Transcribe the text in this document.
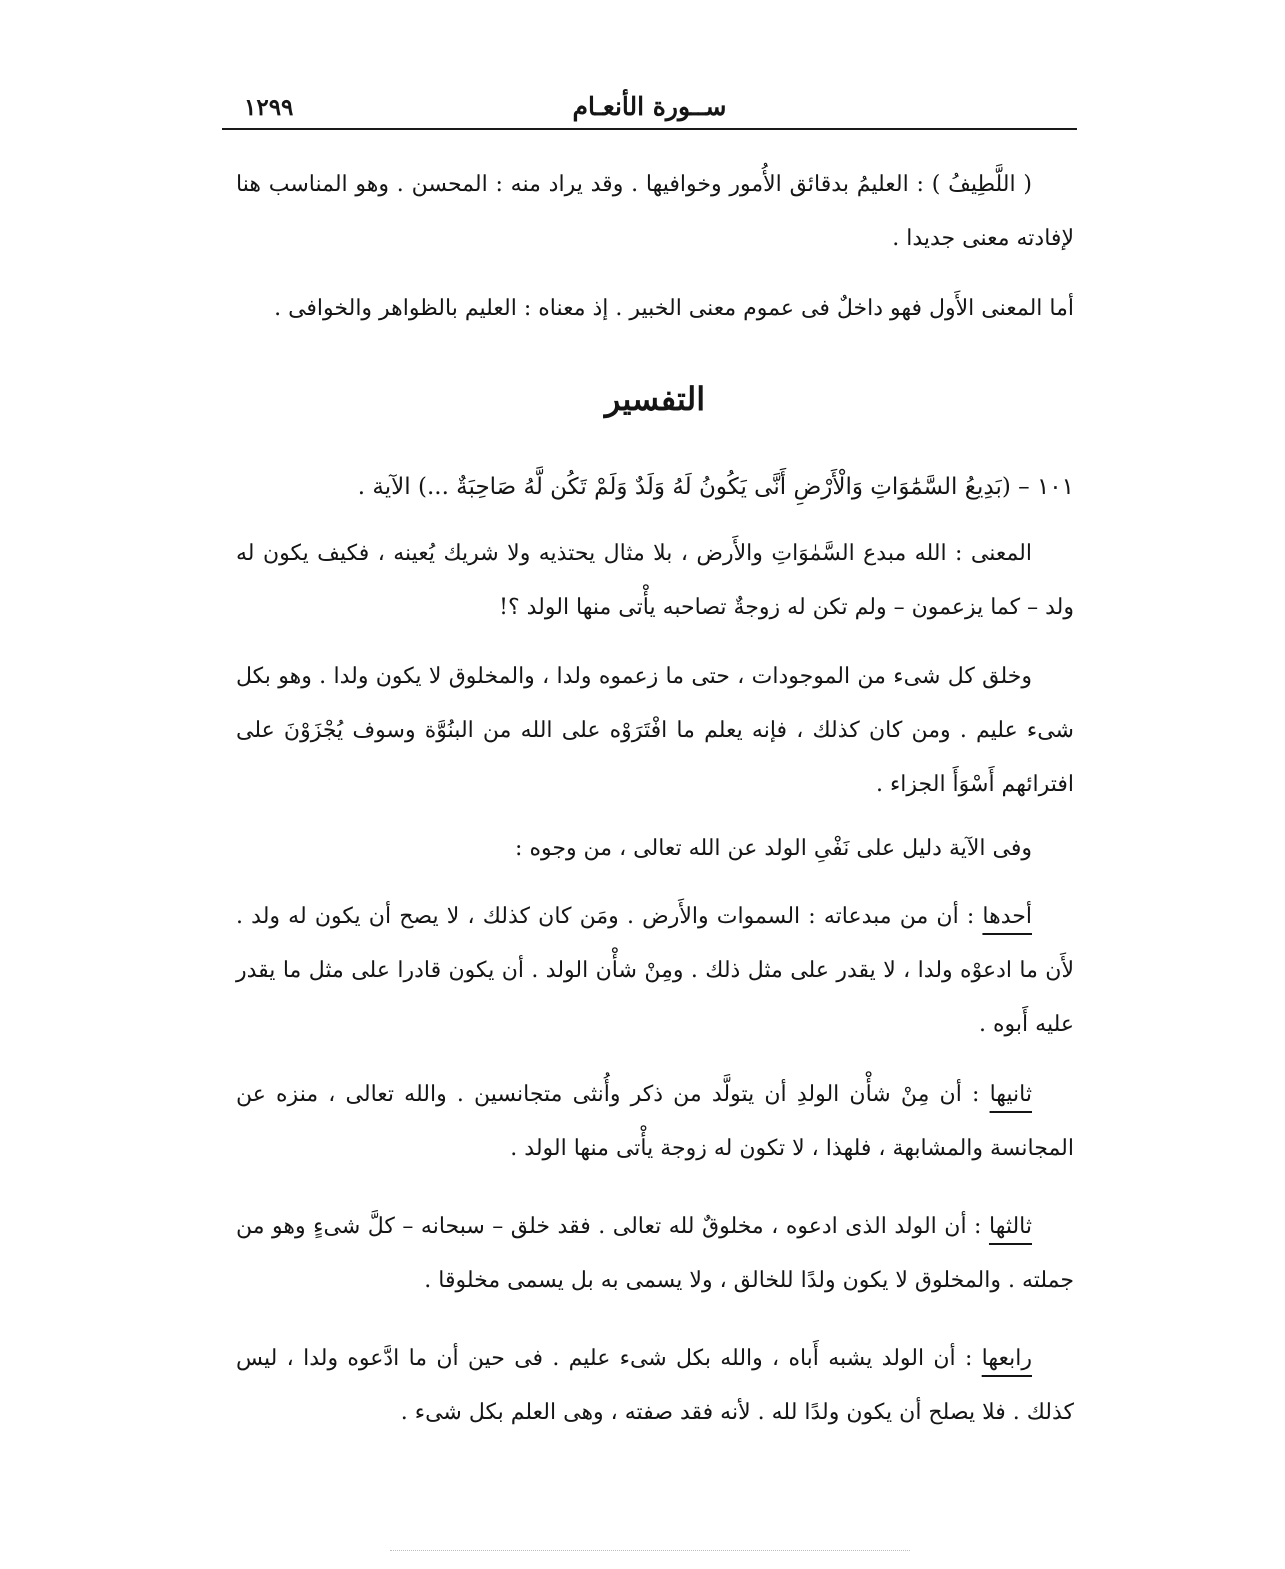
ســورة الأنعـام
١٢٩٩
( اللَّطِيفُ ) : العليمُ بدقائق الأُمور وخوافيها . وقد يراد منه : المحسن . وهو المناسب هنا لإفادته معنى جديدا .
أما المعنى الأَول فهو داخلٌ فى عموم معنى الخبير . إذ معناه : العليم بالظواهر والخوافى .
التفسير
١٠١ – (بَدِيعُ السَّمَٰوَاتِ وَالْأَرْضِ أَنَّى يَكُونُ لَهُ وَلَدٌ وَلَمْ تَكُن لَّهُ صَاحِبَةٌ ...) الآية .
المعنى : الله مبدع السَّمٰوَاتِ والأَرض ، بلا مثال يحتذيه ولا شريك يُعينه ، فكيف يكون له ولد – كما يزعمون – ولم تكن له زوجةٌ تصاحبه يأْتى منها الولد ؟!
وخلق كل شىء من الموجودات ، حتى ما زعموه ولدا ، والمخلوق لا يكون ولدا . وهو بكل شىء عليم . ومن كان كذلك ، فإنه يعلم ما افْتَرَوْه على الله من البنُوَّة وسوف يُجْزَوْنَ على افترائهم أَسْوَأَ الجزاء .
وفى الآية دليل على نَفْىِ الولد عن الله تعالى ، من وجوه :
أحدها : أن من مبدعاته : السموات والأَرض . ومَن كان كذلك ، لا يصح أن يكون له ولد . لأَن ما ادعوْه ولدا ، لا يقدر على مثل ذلك . ومِنْ شأْن الولد . أن يكون قادرا على مثل ما يقدر عليه أَبوه .
ثانيها : أن مِنْ شأْن الولدِ أن يتولَّد من ذكر وأُنثى متجانسين . والله تعالى ، منزه عن المجانسة والمشابهة ، فلهذا ، لا تكون له زوجة يأْتى منها الولد .
ثالثها : أن الولد الذى ادعوه ، مخلوقٌ لله تعالى . فقد خلق – سبحانه – كلَّ شىءٍ وهو من جملته . والمخلوق لا يكون ولدًا للخالق ، ولا يسمى به بل يسمى مخلوقا .
رابعها : أن الولد يشبه أَباه ، والله بكل شىء عليم . فى حين أن ما ادَّعوه ولدا ، ليس كذلك . فلا يصلح أن يكون ولدًا لله . لأنه فقد صفته ، وهى العلم بكل شىء .
